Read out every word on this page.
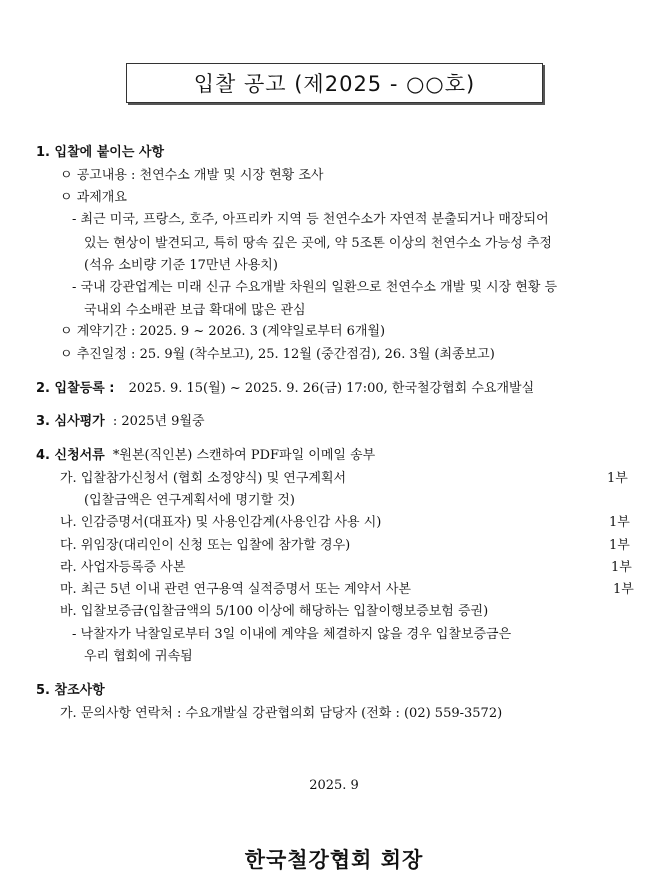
입찰 공고 (제2025 - ○○호)
1. 입찰에 붙이는 사항
ㅇ 공고내용 : 천연수소 개발 및 시장 현황 조사
ㅇ 과제개요
- 최근 미국, 프랑스, 호주, 아프리카 지역 등 천연수소가 자연적 분출되거나 매장되어
있는 현상이 발견되고, 특히 땅속 깊은 곳에, 약 5조톤 이상의 천연수소 가능성 추정
(석유 소비량 기준 17만년 사용치)
- 국내 강관업계는 미래 신규 수요개발 차원의 일환으로 천연수소 개발 및 시장 현황 등
국내외 수소배관 보급 확대에 많은 관심
ㅇ 계약기간 : 2025. 9 ~ 2026. 3 (계약일로부터 6개월)
ㅇ 추진일정 : 25. 9월 (착수보고), 25. 12월 (중간점검), 26. 3월 (최종보고)
2. 입찰등록 : 2025. 9. 15(월) ~ 2025. 9. 26(금) 17:00, 한국철강협회 수요개발실
3. 심사평가 : 2025년 9월중
4. 신청서류 *원본(직인본) 스캔하여 PDF파일 이메일 송부
가. 입찰참가신청서 (협회 소정양식) 및 연구계획서	1부
(입찰금액은 연구계획서에 명기할 것)
나. 인감증명서(대표자) 및 사용인감계(사용인감 사용 시)	1부
다. 위임장(대리인이 신청 또는 입찰에 참가할 경우)	1부
라. 사업자등록증 사본	1부
마. 최근 5년 이내 관련 연구용역 실적증명서 또는 계약서 사본	1부
바. 입찰보증금(입찰금액의 5/100 이상에 해당하는 입찰이행보증보험 증권)
- 낙찰자가 낙찰일로부터 3일 이내에 계약을 체결하지 않을 경우 입찰보증금은
우리 협회에 귀속됨
5. 참조사항
가. 문의사항 연락처 : 수요개발실 강관협의회 담당자 (전화 : (02) 559-3572)
2025. 9
한국철강협회 회장
